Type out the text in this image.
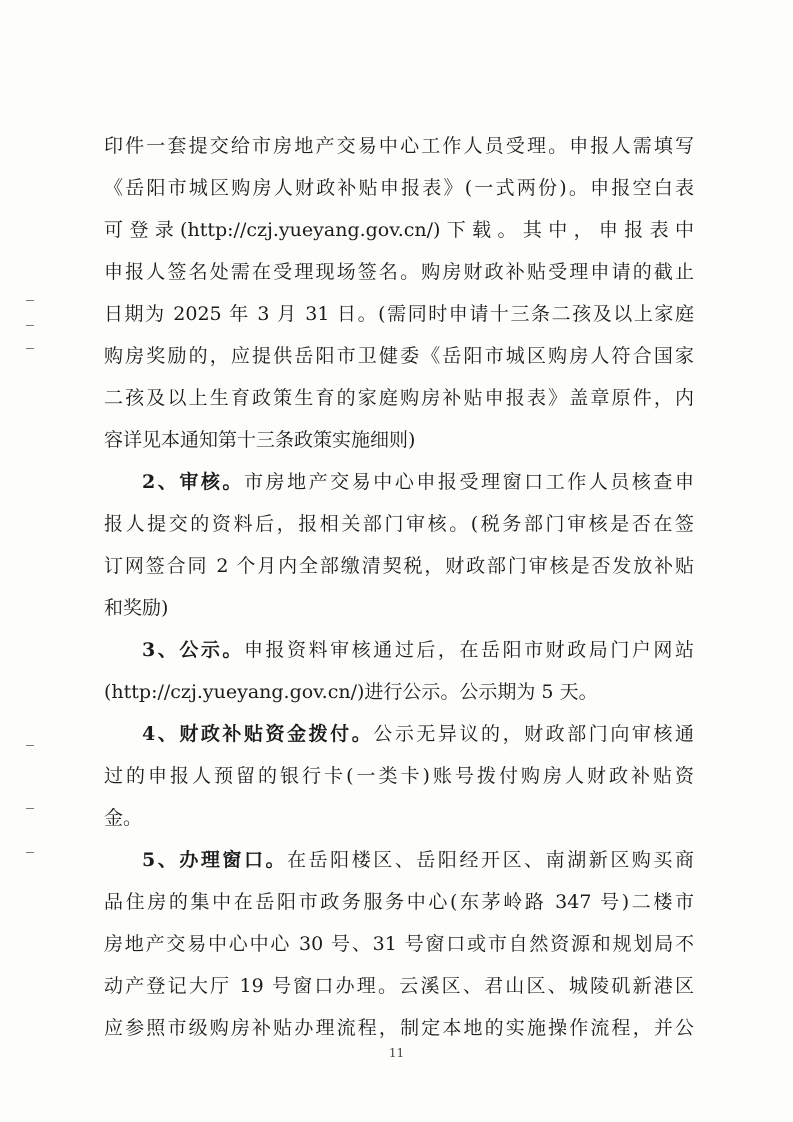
印件一套提交给市房地产交易中心工作人员受理。申报人需填写
《岳阳市城区购房人财政补贴申报表》(一式两份)。申报空白表
可登录(http://czj.yueyang.gov.cn/)下载。其中，申报表中
申报人签名处需在受理现场签名。购房财政补贴受理申请的截止
日期为 2025 年 3 月 31 日。(需同时申请十三条二孩及以上家庭
购房奖励的，应提供岳阳市卫健委《岳阳市城区购房人符合国家
二孩及以上生育政策生育的家庭购房补贴申报表》盖章原件，内
容详见本通知第十三条政策实施细则)
2、审核。市房地产交易中心申报受理窗口工作人员核查申
报人提交的资料后，报相关部门审核。(税务部门审核是否在签
订网签合同 2 个月内全部缴清契税，财政部门审核是否发放补贴
和奖励)
3、公示。申报资料审核通过后，在岳阳市财政局门户网站
(http://czj.yueyang.gov.cn/)进行公示。公示期为 5 天。
4、财政补贴资金拨付。公示无异议的，财政部门向审核通
过的申报人预留的银行卡(一类卡)账号拨付购房人财政补贴资
金。
5、办理窗口。在岳阳楼区、岳阳经开区、南湖新区购买商
品住房的集中在岳阳市政务服务中心(东茅岭路 347 号)二楼市
房地产交易中心中心 30 号、31 号窗口或市自然资源和规划局不
动产登记大厅 19 号窗口办理。云溪区、君山区、城陵矶新港区
应参照市级购房补贴办理流程，制定本地的实施操作流程，并公
11
